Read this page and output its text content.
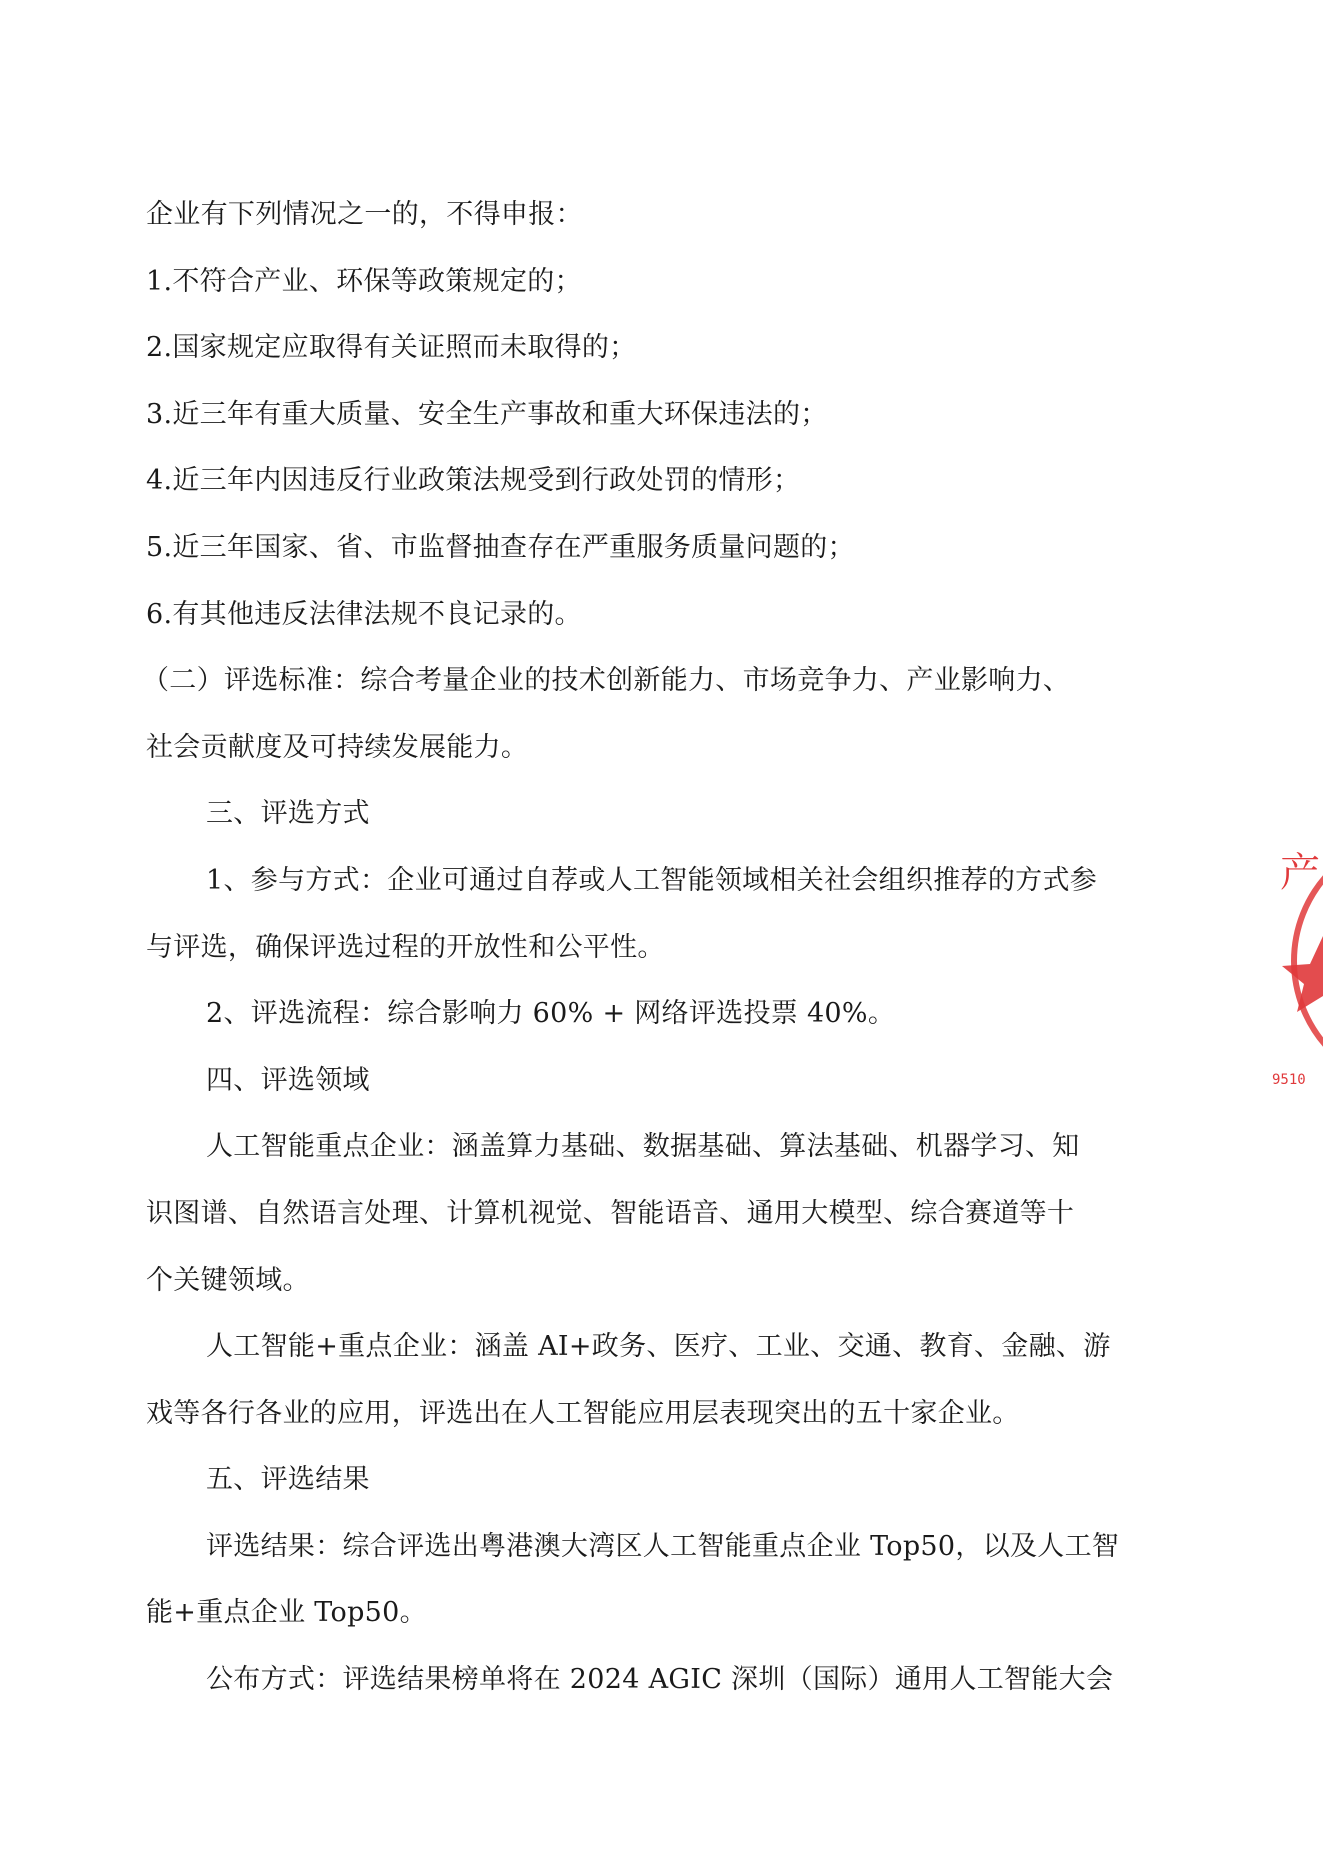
企业有下列情况之一的，不得申报：
1.不符合产业、环保等政策规定的；
2.国家规定应取得有关证照而未取得的；
3.近三年有重大质量、安全生产事故和重大环保违法的；
4.近三年内因违反行业政策法规受到行政处罚的情形；
5.近三年国家、省、市监督抽查存在严重服务质量问题的；
6.有其他违反法律法规不良记录的。
（二）评选标准：综合考量企业的技术创新能力、市场竞争力、产业影响力、
社会贡献度及可持续发展能力。
三、评选方式
1、参与方式：企业可通过自荐或人工智能领域相关社会组织推荐的方式参
与评选，确保评选过程的开放性和公平性。
2、评选流程：综合影响力 60% + 网络评选投票 40%。
四、评选领域
人工智能重点企业：涵盖算力基础、数据基础、算法基础、机器学习、知
识图谱、自然语言处理、计算机视觉、智能语音、通用大模型、综合赛道等十
个关键领域。
人工智能+重点企业：涵盖 AI+政务、医疗、工业、交通、教育、金融、游
戏等各行各业的应用，评选出在人工智能应用层表现突出的五十家企业。
五、评选结果
评选结果：综合评选出粤港澳大湾区人工智能重点企业 Top50，以及人工智
能+重点企业 Top50。
公布方式：评选结果榜单将在 2024 AGIC 深圳（国际）通用人工智能大会
产
9510
